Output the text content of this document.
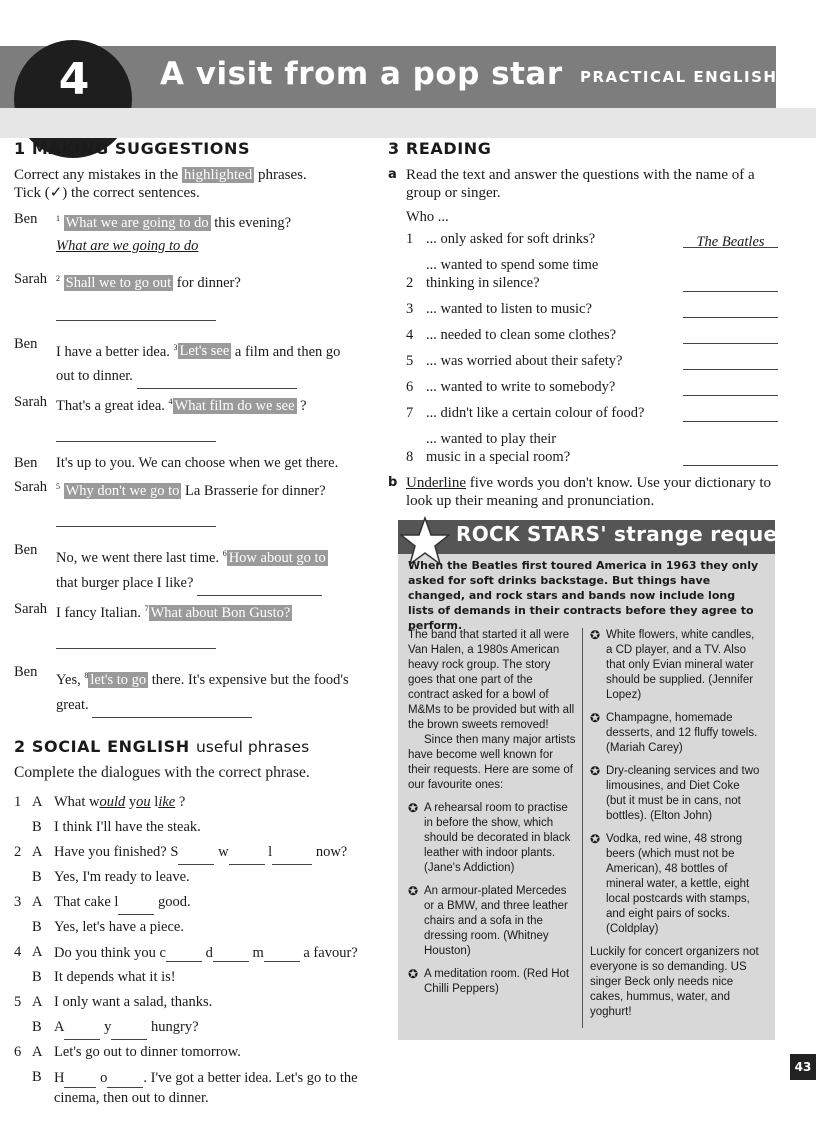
4 A visit from a pop star PRACTICAL ENGLISH
1 MAKING SUGGESTIONS

Correct any mistakes in the highlighted phrases.
Tick (✓) the correct sentences.

Ben	$^1$ What we are going to do this evening?
What are we going to do
Sarah	$^2$ Shall we to go out for dinner?

Ben	I have a better idea. $^3$ Let's see a film and then go out to dinner.
Sarah That's a great idea. $^4$ What film do we see ?

Ben	It's up to you. We can choose when we get there.
Sarah	$^5$ Why don't we go to La Brasserie for dinner?

Ben	No, we went there last time. $^6$ How about go to
that burger place I like?
Sarah I fancy Italian. $^7$ What about Bon Gusto?

Ben	Yes, $^8$ let's to go there. It's expensive but the food's great.
2 SOCIAL ENGLISH useful phrases

Complete the dialogues with the correct phrase.

1 A What would you like ?
B I think I'll have the steak.
2 A Have you finished? S	w	l	now?
B Yes, I'm ready to leave.
3 A That cake l	good.
B Yes, let's have a piece.
4 A Do you think you c	d	m	a favour?
B It depends what it is!
5 A I only want a salad, thanks.
B A	y	hungry?
6 A Let's go out to dinner tomorrow.
B H o . I've got a better idea. Let's go to the cinema, then out to dinner.
3 READING
a Read the text and answer the questions with the name of a group or singer.
Who ...
1 ... only asked for soft drinks?	The Beatles
2
... wanted to spend some time thinking in silence?
3 ... wanted to listen to music?
4 ... needed to clean some clothes?
5 ... was worried about their safety?
6 ... wanted to write to somebody?
7 ... didn't like a certain colour of food?
8
... wanted to play their music in a special room?
b Underline five words you don't know. Use your dictionary to look up their meaning and pronunciation.
ROCK STARS' strange requests
When the Beatles first toured America in 1963 they only asked for soft drinks backstage. But things have changed, and rock stars and bands now include long lists of demands in their contracts before they agree to perform.

The band that started it all were Van Halen, a 1980s American heavy rock group. The story goes that one part of the contract asked for a bowl of M&Ms to be provided but with all the brown sweets removed!

Since then many major artists have become well known for their requests. Here are some of our favourite ones:

✪ A rehearsal room to practise in before the show, which should be decorated in black leather with indoor plants. (Jane's Addiction)
✪ An armour-plated Mercedes or a BMW, and three leather chairs and a sofa in the dressing room. (Whitney Houston)
✪ A meditation room. (Red Hot Chilli Peppers)
✪ White flowers, white candles, a CD player, and a TV. Also that only Evian mineral water should be supplied. (Jennifer Lopez)
✪ Champagne, homemade desserts, and 12 fluffy towels. (Mariah Carey)
✪ Dry-cleaning services and two limousines, and Diet Coke (but it must be in cans, not bottles). (Elton John)
✪ Vodka, red wine, 48 strong beers (which must not be American), 48 bottles of mineral water, a kettle, eight local postcards with stamps, and eight pairs of socks. (Coldplay)

Luckily for concert organizers not everyone is so demanding. US singer Beck only needs nice cakes, hummus, water, and yoghurt!

43
